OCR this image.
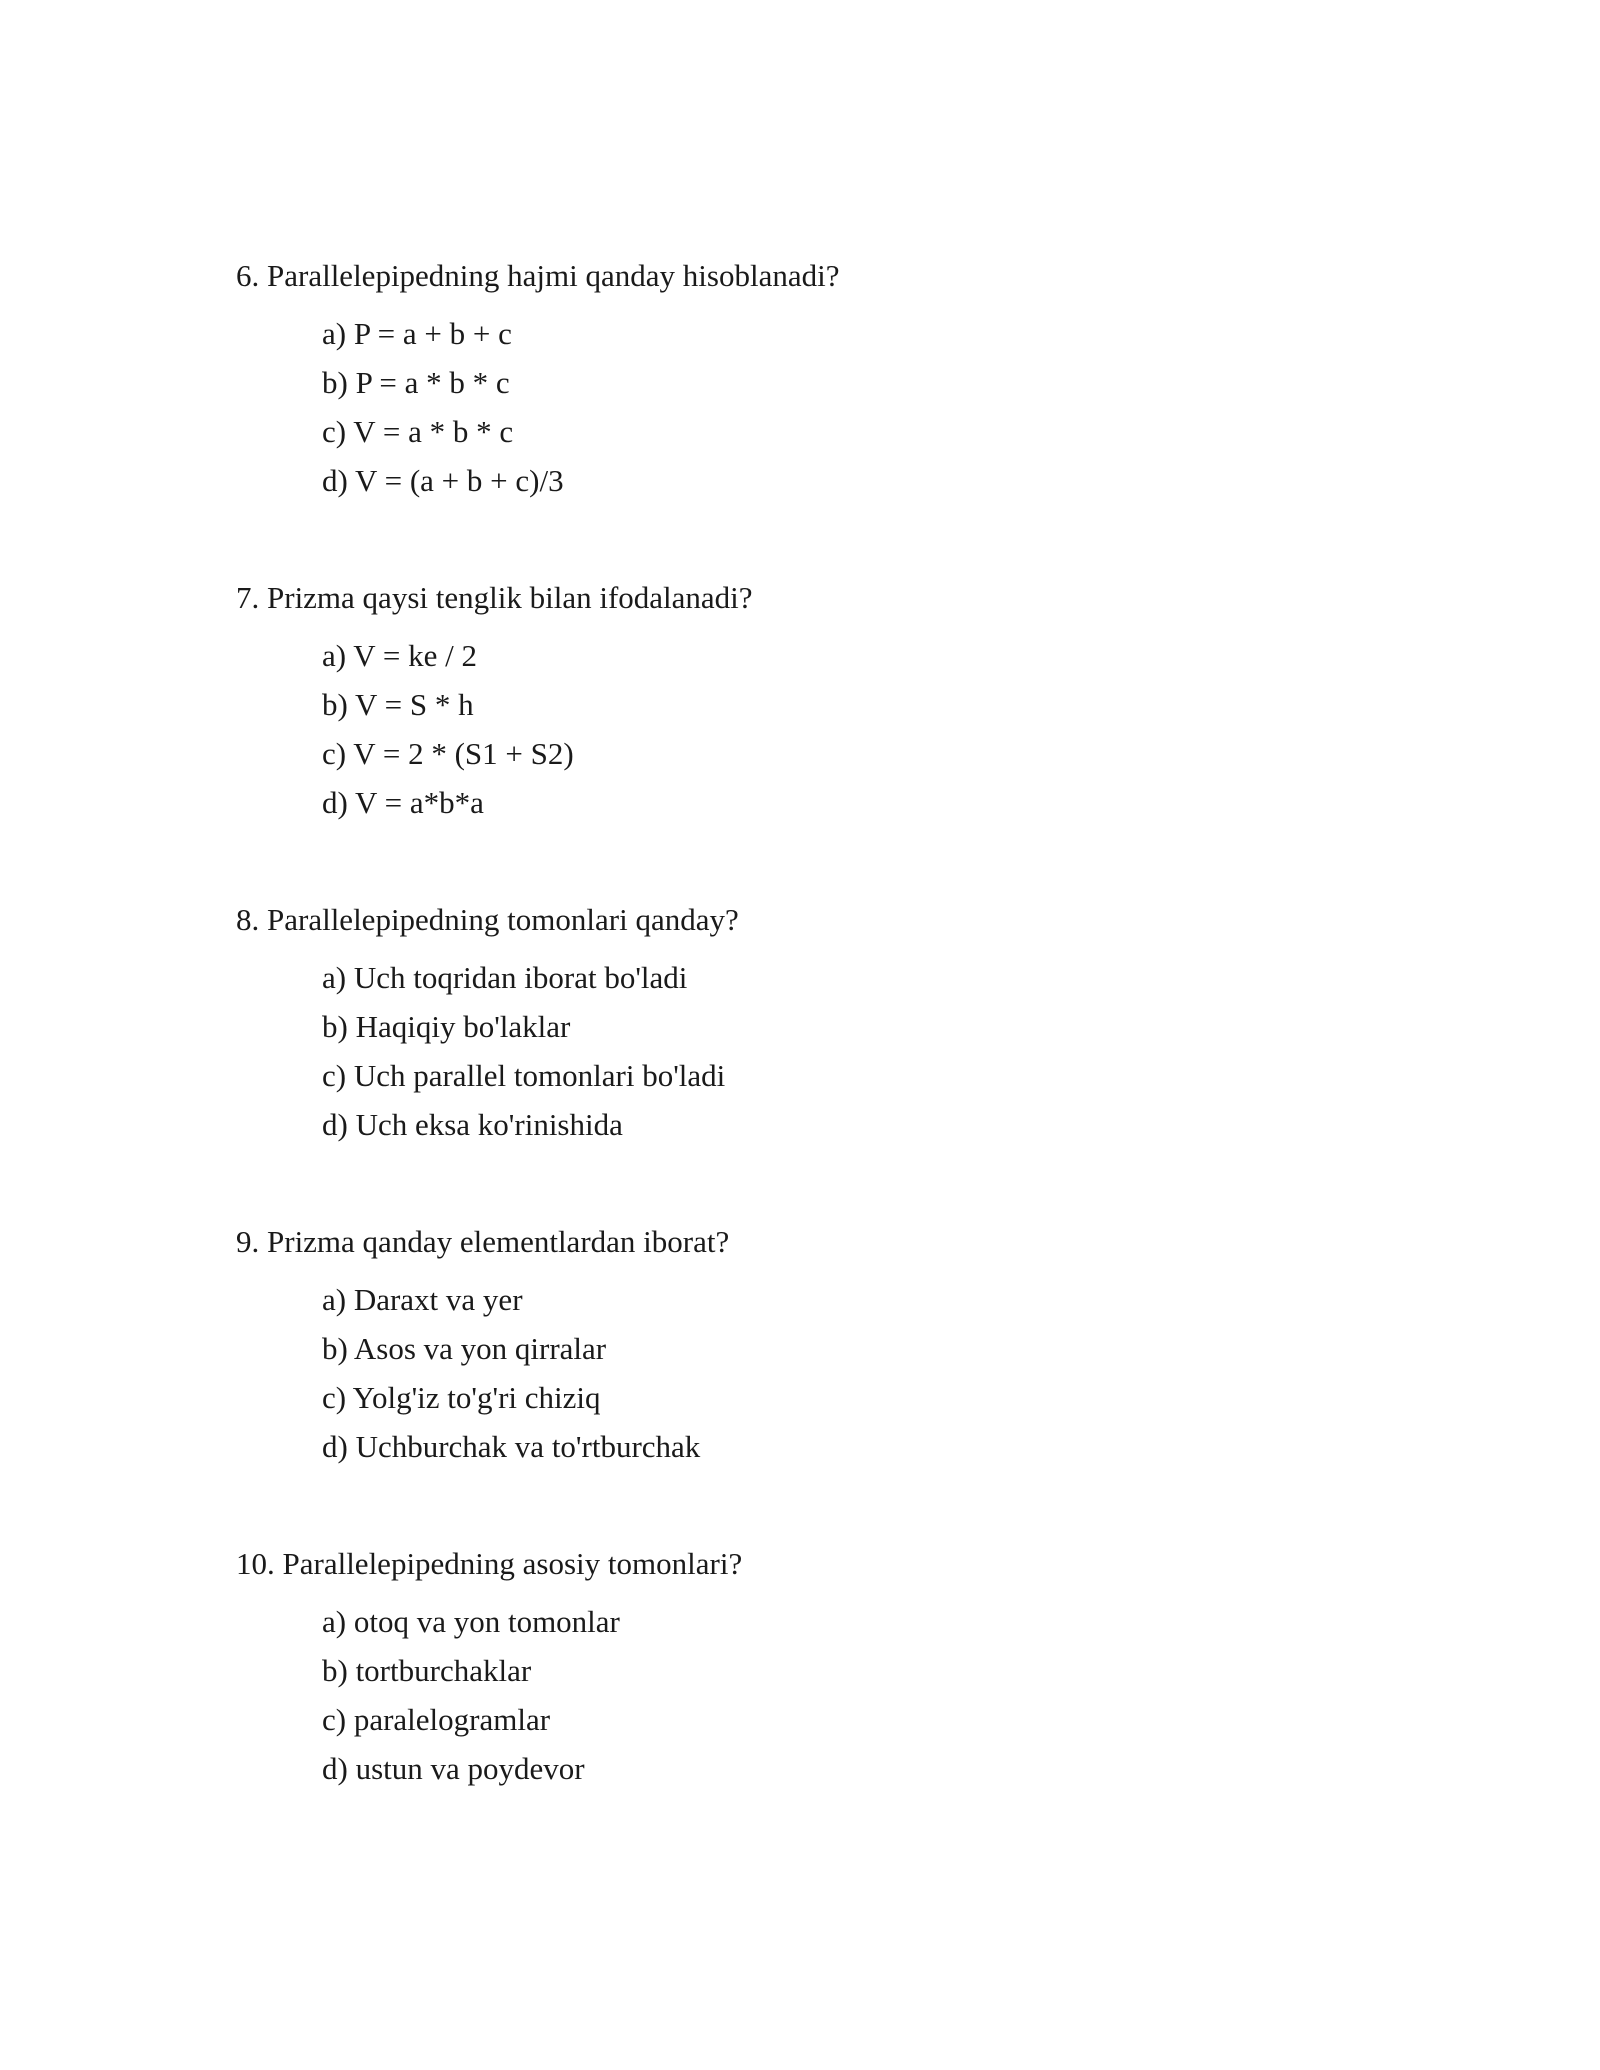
6. Parallelepipedning hajmi qanday hisoblanadi?

a) P = a + b + c
b) P = a * b * c
c) V = a * b * c
d) V = (a + b + c)/3

7. Prizma qaysi tenglik bilan ifodalanadi?

a) V = ke / 2
b) V = S * h
c) V = 2 * (S1 + S2)
d) V = a*b*a

8. Parallelepipedning tomonlari qanday?

a) Uch toqridan iborat bo'ladi
b) Haqiqiy bo'laklar
c) Uch parallel tomonlari bo'ladi
d) Uch eksa ko'rinishida

9. Prizma qanday elementlardan iborat?

a) Daraxt va yer
b) Asos va yon qirralar
c) Yolg'iz to'g'ri chiziq
d) Uchburchak va to'rtburchak

10. Parallelepipedning asosiy tomonlari?

a) otoq va yon tomonlar
b) tortburchaklar
c) paralelogramlar
d) ustun va poydevor
